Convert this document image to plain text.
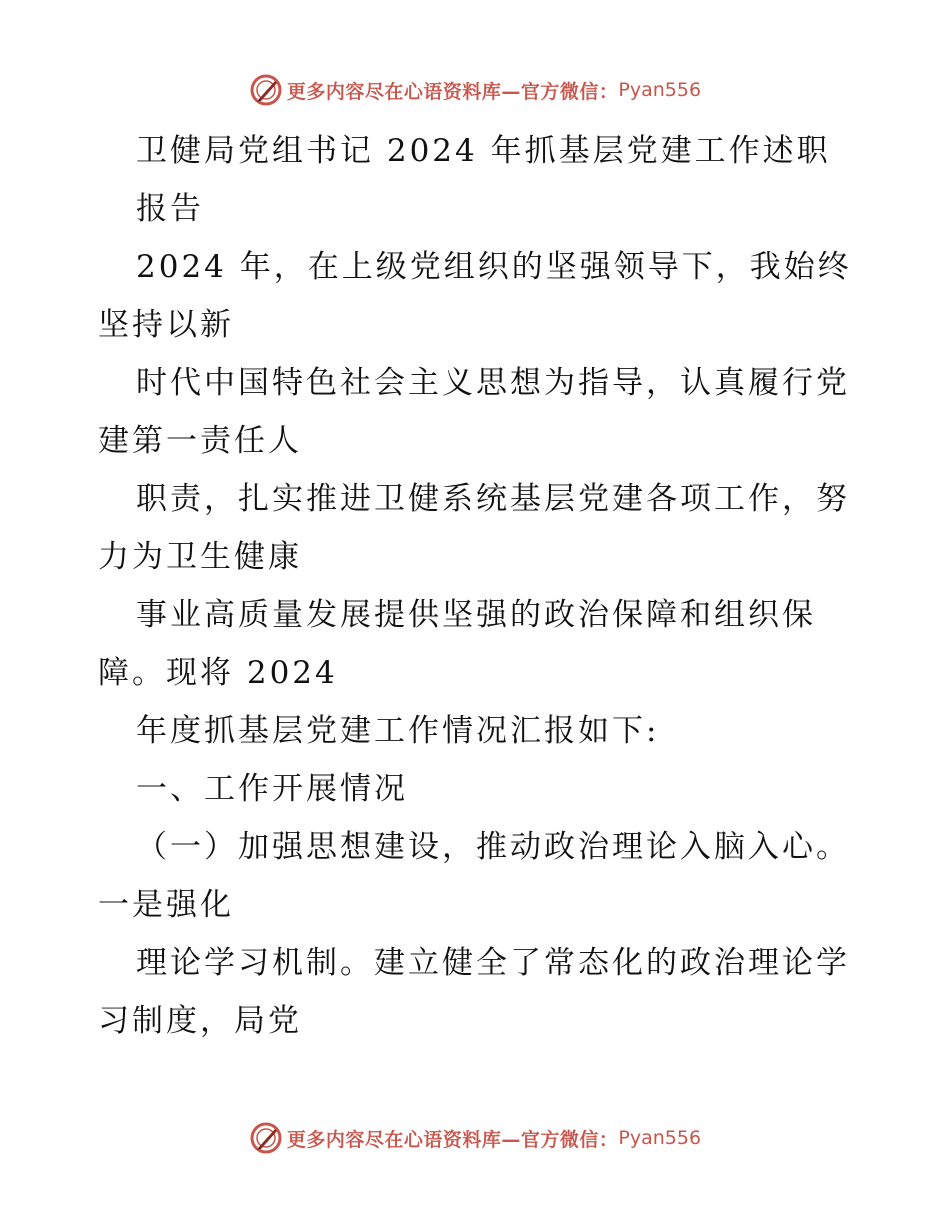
更多内容尽在心语资料库—官方微信： Pyan556
卫健局党组书记 2024 年抓基层党建工作述职
报告
2024 年，在上级党组织的坚强领导下，我始终
坚持以新
时代中国特色社会主义思想为指导，认真履行党
建第一责任人
职责，扎实推进卫健系统基层党建各项工作，努
力为卫生健康
事业高质量发展提供坚强的政治保障和组织保
障。现将 2024
年度抓基层党建工作情况汇报如下:
一、工作开展情况
（一）加强思想建设，推动政治理论入脑入心。
一是强化
理论学习机制。建立健全了常态化的政治理论学
习制度，局党
更多内容尽在心语资料库—官方微信： Pyan556
